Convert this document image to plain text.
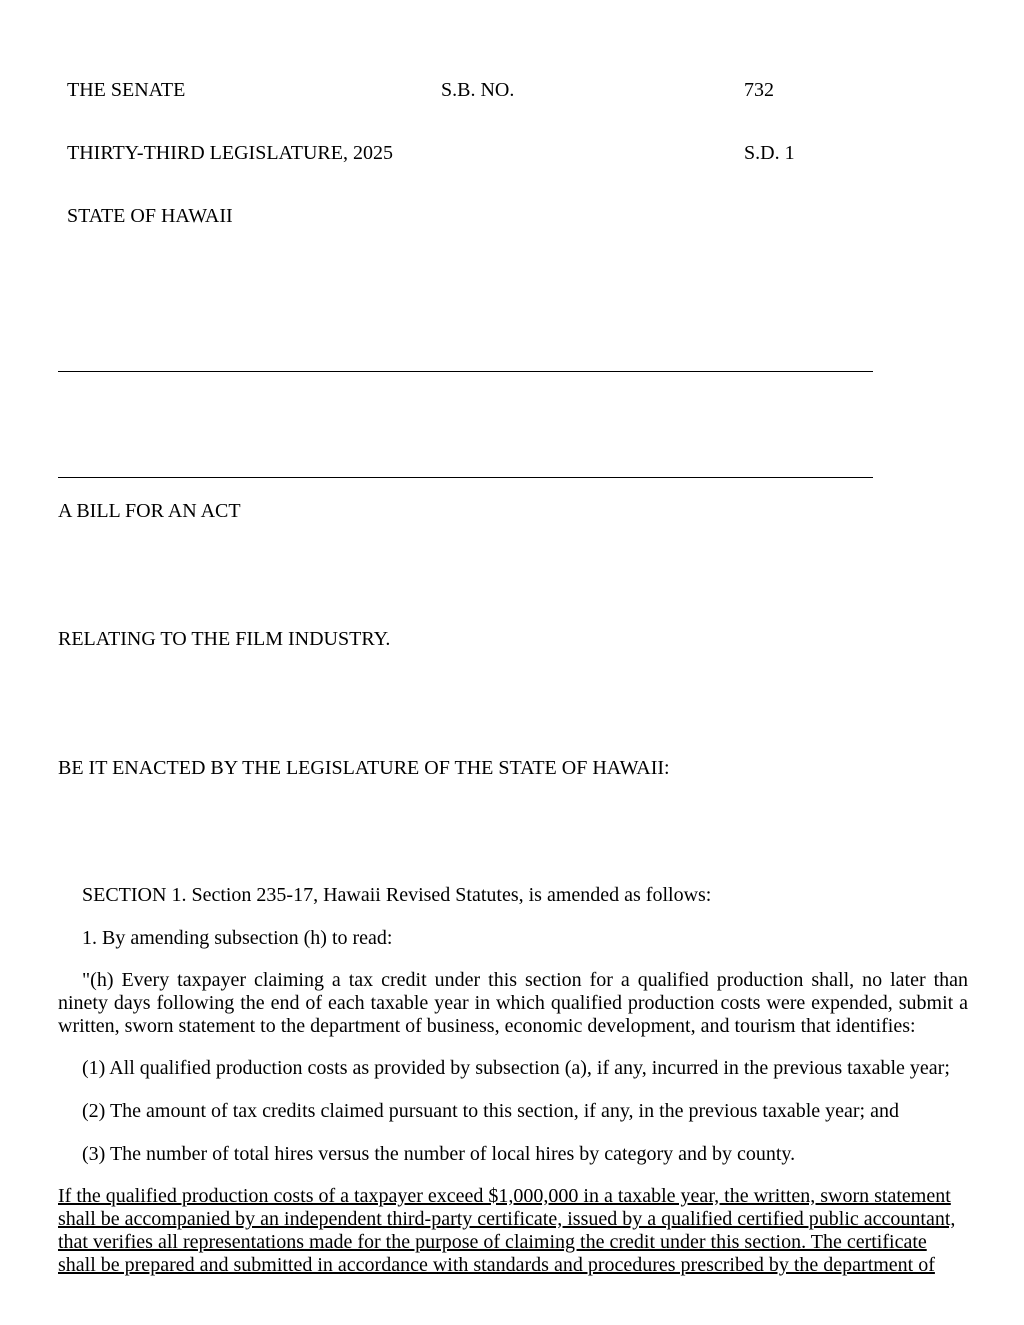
THE SENATE	S.B. NO.	732
THIRTY-THIRD LEGISLATURE, 2025	S.D. 1
STATE OF HAWAII
A BILL FOR AN ACT
RELATING TO THE FILM INDUSTRY.
BE IT ENACTED BY THE LEGISLATURE OF THE STATE OF HAWAII:
SECTION 1. Section 235-17, Hawaii Revised Statutes, is amended as follows:
1. By amending subsection (h) to read:
"(h) Every taxpayer claiming a tax credit under this section for a qualified production shall, no later than ninety days following the end of each taxable year in which qualified production costs were expended, submit a written, sworn statement to the department of business, economic development, and tourism that identifies:
(1) All qualified production costs as provided by subsection (a), if any, incurred in the previous taxable year;
(2) The amount of tax credits claimed pursuant to this section, if any, in the previous taxable year; and
(3) The number of total hires versus the number of local hires by category and by county.
If the qualified production costs of a taxpayer exceed $1,000,000 in a taxable year, the written, sworn statement
shall be accompanied by an independent third-party certificate, issued by a qualified certified public accountant,
that verifies all representations made for the purpose of claiming the credit under this section. The certificate
shall be prepared and submitted in accordance with standards and procedures prescribed by the department of
